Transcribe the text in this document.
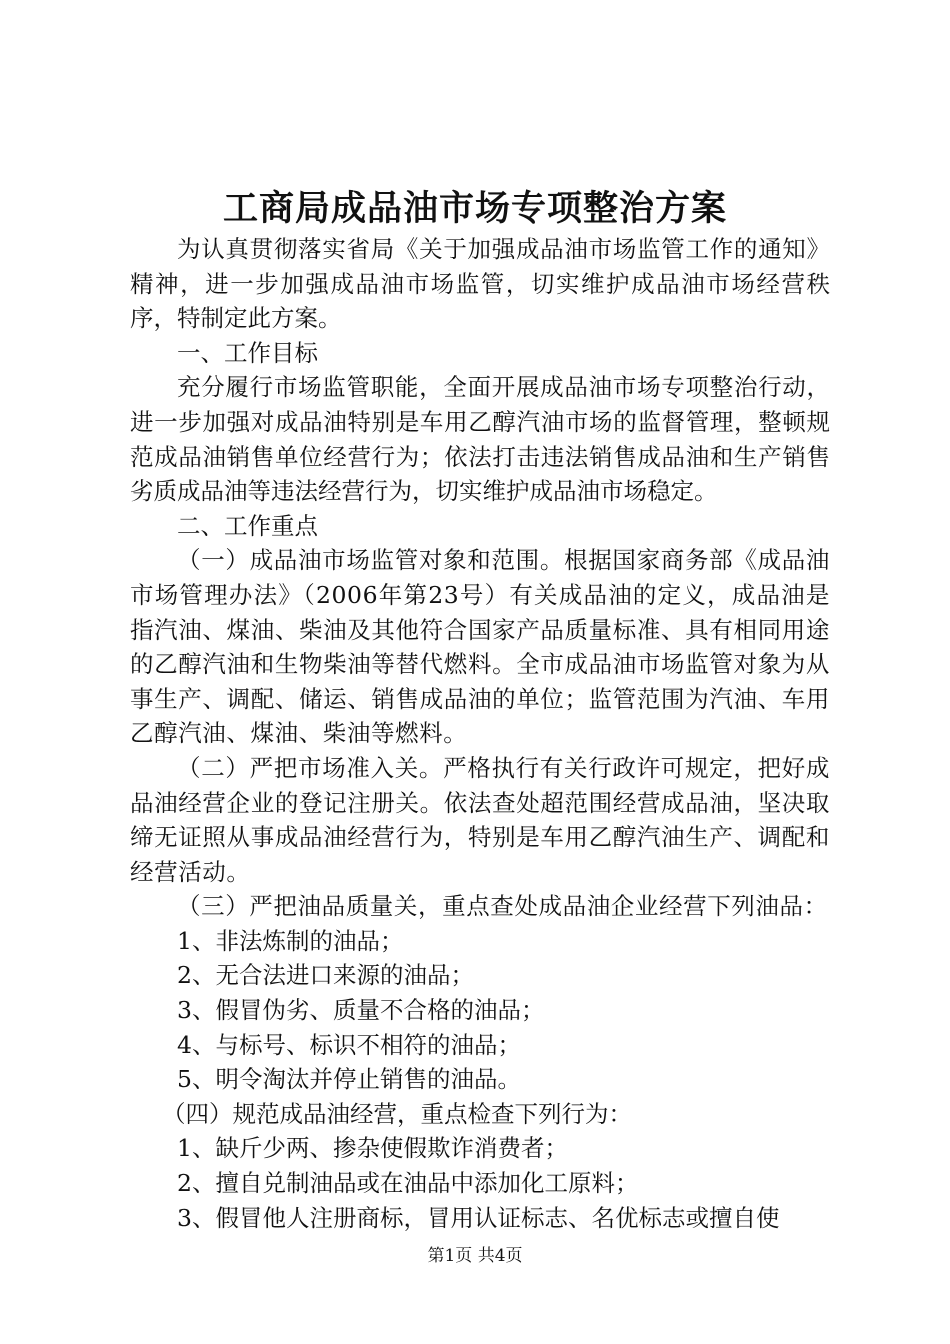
工商局成品油市场专项整治方案

为认真贯彻落实省局《关于加强成品油市场监管工作的通知》精神，进一步加强成品油市场监管，切实维护成品油市场经营秩序，特制定此方案。

一、工作目标

充分履行市场监管职能，全面开展成品油市场专项整治行动，进一步加强对成品油特别是车用乙醇汽油市场的监督管理，整顿规范成品油销售单位经营行为；依法打击违法销售成品油和生产销售劣质成品油等违法经营行为，切实维护成品油市场稳定。

二、工作重点

（一）成品油市场监管对象和范围。根据国家商务部《成品油市场管理办法》（2006年第23号）有关成品油的定义，成品油是指汽油、煤油、柴油及其他符合国家产品质量标准、具有相同用途的乙醇汽油和生物柴油等替代燃料。全市成品油市场监管对象为从事生产、调配、储运、销售成品油的单位；监管范围为汽油、车用乙醇汽油、煤油、柴油等燃料。

（二）严把市场准入关。严格执行有关行政许可规定，把好成品油经营企业的登记注册关。依法查处超范围经营成品油，坚决取缔无证照从事成品油经营行为，特别是车用乙醇汽油生产、调配和经营活动。

（三）严把油品质量关，重点查处成品油企业经营下列油品：

1、非法炼制的油品；

2、无合法进口来源的油品；

3、假冒伪劣、质量不合格的油品；

4、与标号、标识不相符的油品；

5、明令淘汰并停止销售的油品。

（四）规范成品油经营，重点检查下列行为：

1、缺斤少两、掺杂使假欺诈消费者；

2、擅自兑制油品或在油品中添加化工原料；

3、假冒他人注册商标，冒用认证标志、名优标志或擅自使

第1页 共4页
